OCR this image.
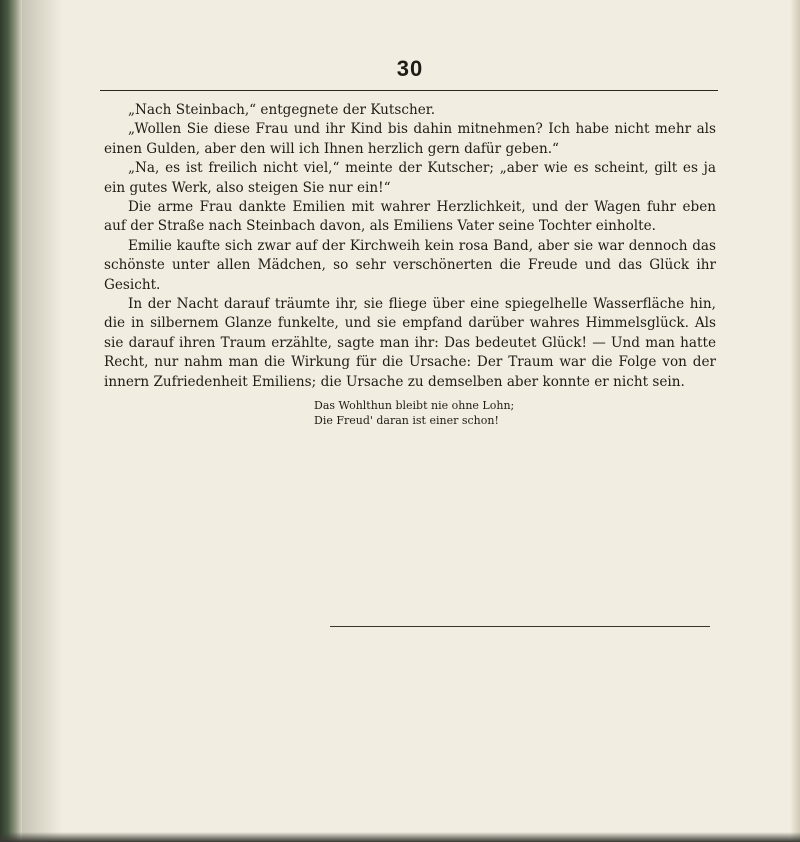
30

„Nach Steinbach,“ entgegnete der Kutscher.

„Wollen Sie diese Frau und ihr Kind bis dahin mitnehmen? Ich habe nicht mehr als einen Gulden, aber den will ich Ihnen herzlich gern dafür geben.“

„Na, es ist freilich nicht viel,“ meinte der Kutscher; „aber wie es scheint, gilt es ja ein gutes Werk, also steigen Sie nur ein!“

Die arme Frau dankte Emilien mit wahrer Herzlichkeit, und der Wagen fuhr eben auf der Straße nach Steinbach davon, als Emiliens Vater seine Tochter einholte.

Emilie kaufte sich zwar auf der Kirchweih kein rosa Band, aber sie war dennoch das schönste unter allen Mädchen, so sehr verschönerten die Freude und das Glück ihr Gesicht.

In der Nacht darauf träumte ihr, sie fliege über eine spiegelhelle Wasserfläche hin, die in silbernem Glanze funkelte, und sie empfand darüber wahres Himmelsglück. Als sie darauf ihren Traum erzählte, sagte man ihr: Das bedeutet Glück! — Und man hatte Recht, nur nahm man die Wirkung für die Ursache: Der Traum war die Folge von der innern Zufriedenheit Emiliens; die Ursache zu demselben aber konnte er nicht sein.

Das Wohlthun bleibt nie ohne Lohn;
Die Freud' daran ist einer schon!
